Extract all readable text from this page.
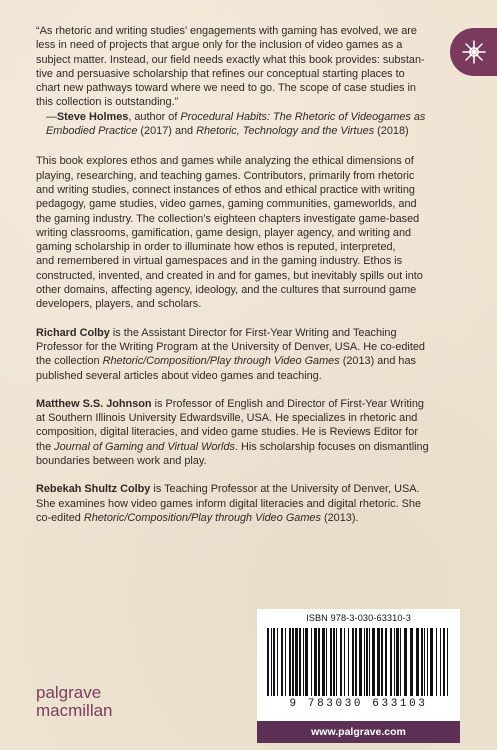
“As rhetoric and writing studies’ engagements with gaming has evolved, we are

less in need of projects that argue only for the inclusion of video games as a

subject matter. Instead, our field needs exactly what this book provides: substan-

tive and persuasive scholarship that refines our conceptual starting places to

chart new pathways toward where we need to go. The scope of case studies in

this collection is outstanding.”

—Steve Holmes, author of Procedural Habits: The Rhetoric of Videogames as

Embodied Practice (2017) and Rhetoric, Technology and the Virtues (2018)

This book explores ethos and games while analyzing the ethical dimensions of

playing, researching, and teaching games. Contributors, primarily from rhetoric

and writing studies, connect instances of ethos and ethical practice with writing

pedagogy, game studies, video games, gaming communities, gameworlds, and

the gaming industry. The collection’s eighteen chapters investigate game-based

writing classrooms, gamification, game design, player agency, and writing and

gaming scholarship in order to illuminate how ethos is reputed, interpreted,

and remembered in virtual gamespaces and in the gaming industry. Ethos is

constructed, invented, and created in and for games, but inevitably spills out into

other domains, affecting agency, ideology, and the cultures that surround game

developers, players, and scholars.

Richard Colby is the Assistant Director for First-Year Writing and Teaching
Professor for the Writing Program at the University of Denver, USA. He co-edited
the collection Rhetoric/Composition/Play through Video Games (2013) and has
published several articles about video games and teaching.
Matthew S.S. Johnson is Professor of English and Director of First-Year Writing
at Southern Illinois University Edwardsville, USA. He specializes in rhetoric and
composition, digital literacies, and video game studies. He is Reviews Editor for
the Journal of Gaming and Virtual Worlds. His scholarship focuses on dismantling
boundaries between work and play.
Rebekah Shultz Colby is Teaching Professor at the University of Denver, USA.
She examines how video games inform digital literacies and digital rhetoric. She
co-edited Rhetoric/Composition/Play through Video Games (2013).
ISBN 978-3-030-63310-3
9 783030 633103
www.palgrave.com
palgrave
macmillan
